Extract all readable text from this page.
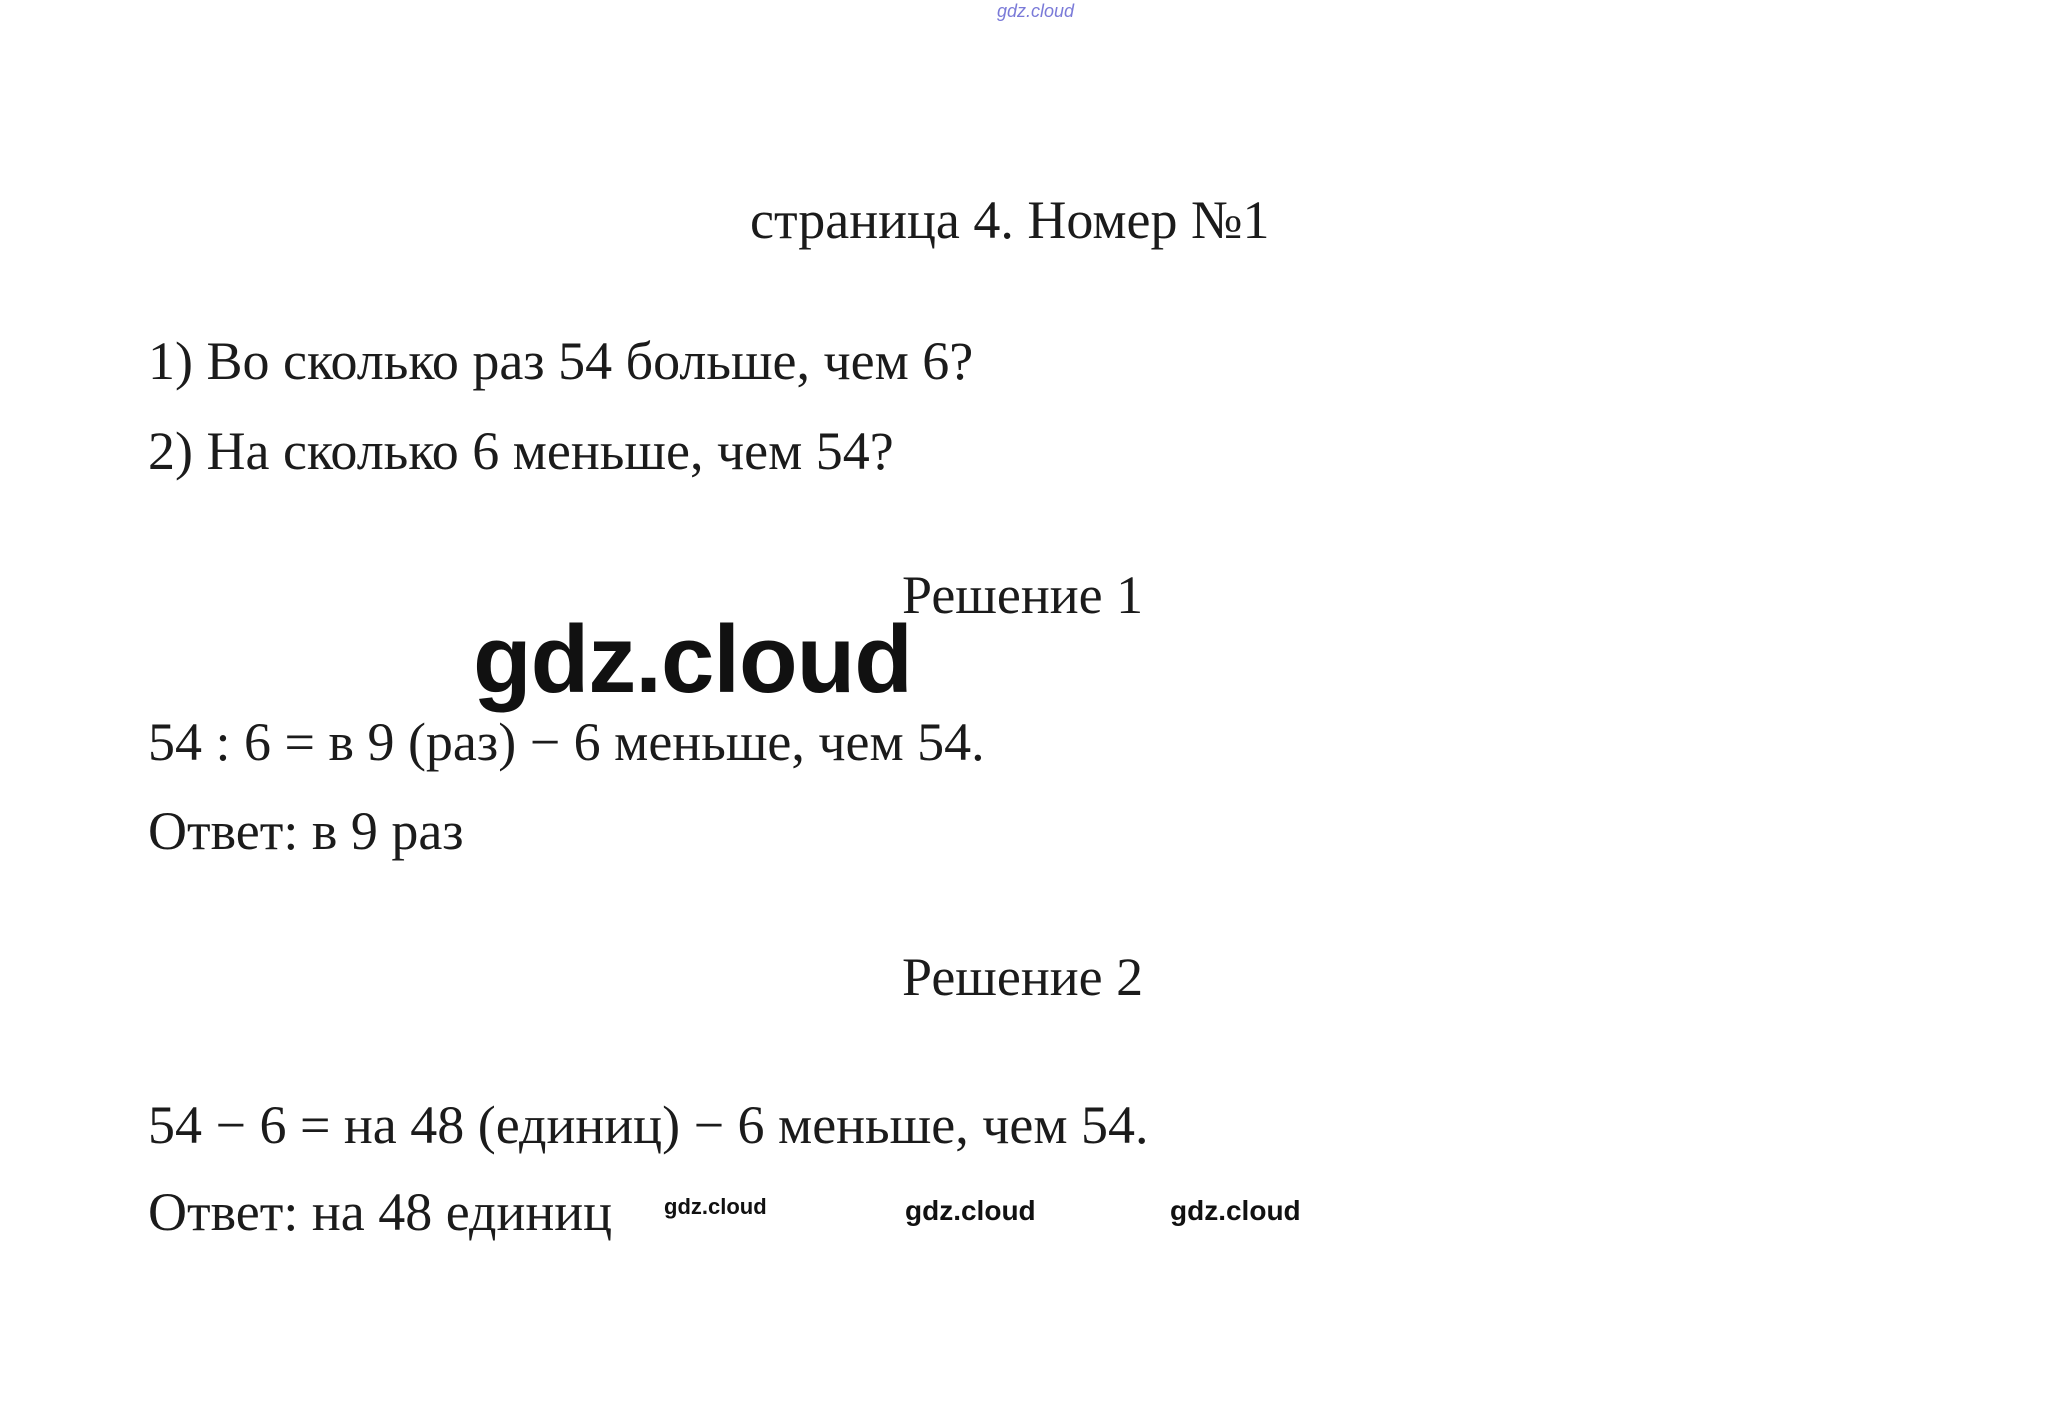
gdz.cloud
страница 4. Номер №1
1) Во сколько раз 54 больше, чем 6?
2) На сколько 6 меньше, чем 54?
Решение 1
gdz.cloud
54 : 6 = в 9 (раз) − 6 меньше, чем 54.
Ответ: в 9 раз
Решение 2
54 − 6 = на 48 (единиц) − 6 меньше, чем 54.
Ответ: на 48 единиц gdz.cloud	gdz.cloud	gdz.cloud
